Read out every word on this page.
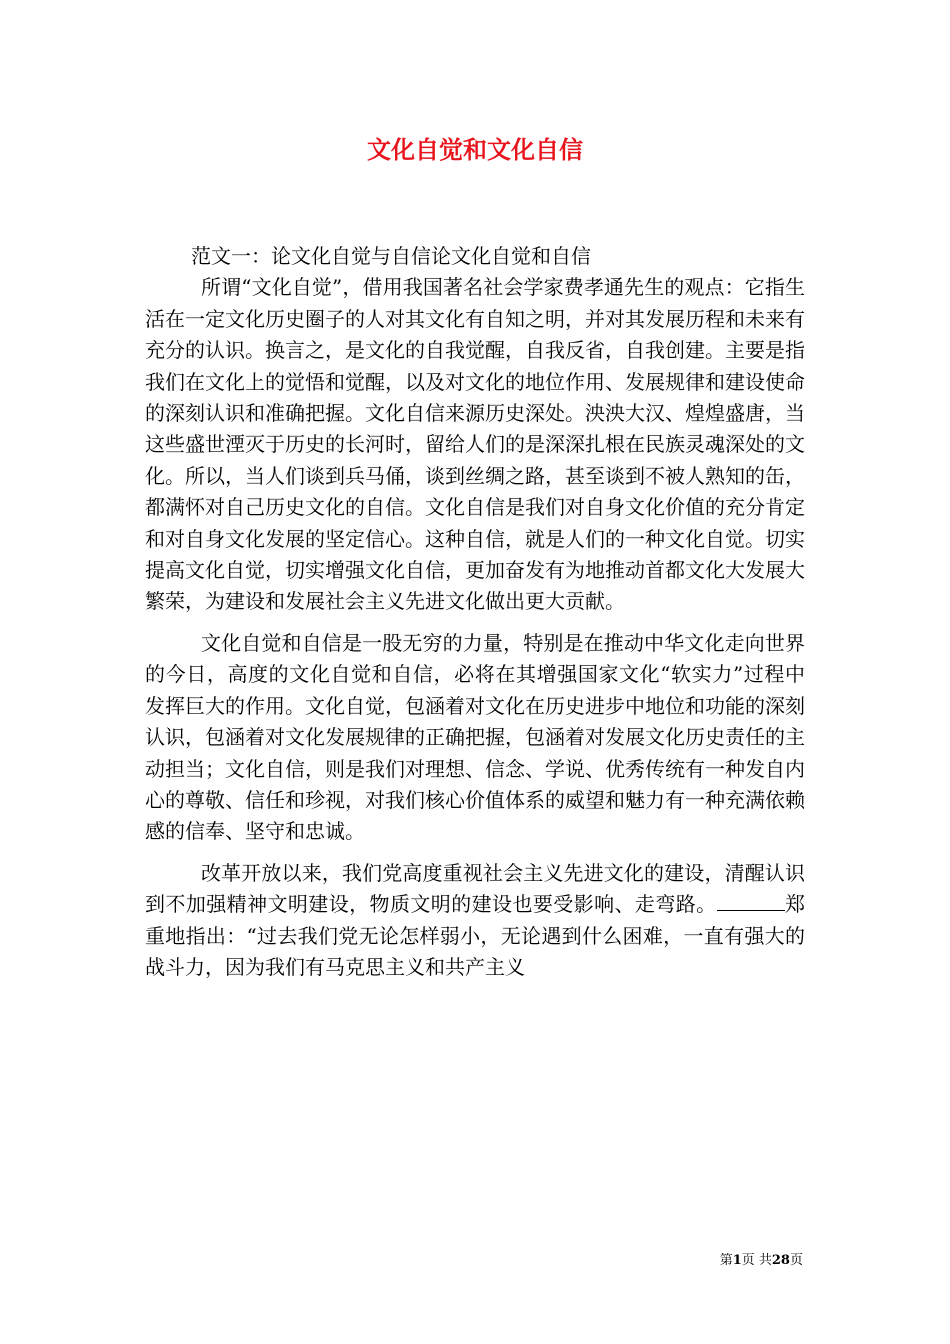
文化自觉和文化自信

范文一：论文化自觉与自信论文化自觉和自信

所谓“文化自觉”，借用我国著名社会学家费孝通先生的观点：它指生活在一定文化历史圈子的人对其文化有自知之明，并对其发展历程和未来有充分的认识。换言之，是文化的自我觉醒，自我反省，自我创建。主要是指我们在文化上的觉悟和觉醒，以及对文化的地位作用、发展规律和建设使命的深刻认识和准确把握。文化自信来源历史深处。泱泱大汉、煌煌盛唐，当这些盛世湮灭于历史的长河时，留给人们的是深深扎根在民族灵魂深处的文化。所以，当人们谈到兵马俑，谈到丝绸之路，甚至谈到不被人熟知的缶，都满怀对自己历史文化的自信。文化自信是我们对自身文化价值的充分肯定和对自身文化发展的坚定信心。这种自信，就是人们的一种文化自觉。切实提高文化自觉，切实增强文化自信，更加奋发有为地推动首都文化大发展大繁荣，为建设和发展社会主义先进文化做出更大贡献。

文化自觉和自信是一股无穷的力量，特别是在推动中华文化走向世界的今日，高度的文化自觉和自信，必将在其增强国家文化“软实力”过程中发挥巨大的作用。文化自觉，包涵着对文化在历史进步中地位和功能的深刻认识，包涵着对文化发展规律的正确把握，包涵着对发展文化历史责任的主动担当；文化自信，则是我们对理想、信念、学说、优秀传统有一种发自内心的尊敬、信任和珍视，对我们核心价值体系的威望和魅力有一种充满依赖感的信奉、坚守和忠诚。

改革开放以来，我们党高度重视社会主义先进文化的建设，清醒认识到不加强精神文明建设，物质文明的建设也要受影响、走弯路。	郑重地指出：“过去我们党无论怎样弱小，无论遇到什么困难，一直有强大的战斗力，因为我们有马克思主义和共产主义

第1页 共28页
